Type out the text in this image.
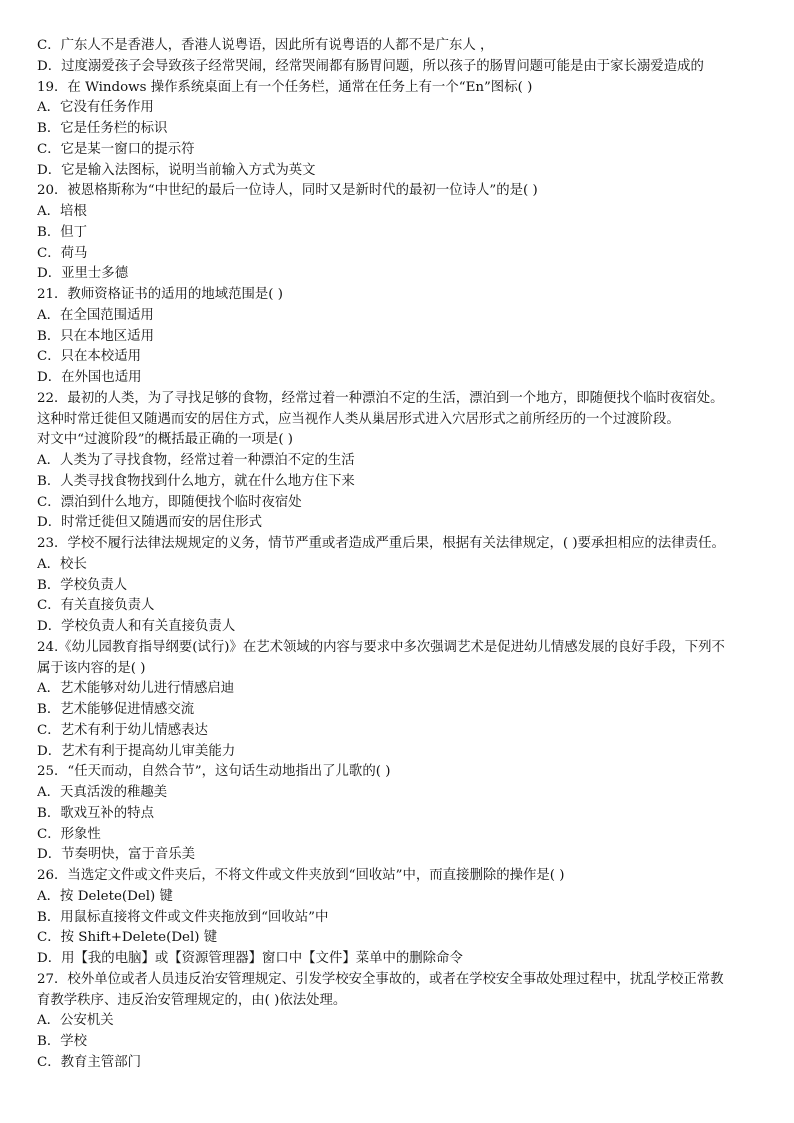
C．广东人不是香港人，香港人说粤语，因此所有说粤语的人都不是广东人 ，

D．过度溺爱孩子会导致孩子经常哭闹，经常哭闹都有肠胃问题，所以孩子的肠胃问题可能是由于家长溺爱造成的

19．在 Windows 操作系统桌面上有一个任务栏，通常在任务上有一个“En”图标( )

A．它没有任务作用

B．它是任务栏的标识

C．它是某一窗口的提示符

D．它是输入法图标，说明当前输入方式为英文

20．被恩格斯称为“中世纪的最后一位诗人，同时又是新时代的最初一位诗人”的是( )

A．培根

B．但丁

C．荷马

D．亚里士多德

21．教师资格证书的适用的地域范围是( )

A．在全国范围适用

B．只在本地区适用

C．只在本校适用

D．在外国也适用

22．最初的人类，为了寻找足够的食物，经常过着一种漂泊不定的生活，漂泊到一个地方，即随便找个临时夜宿处。

这种时常迁徙但又随遇而安的居住方式，应当视作人类从巢居形式进入穴居形式之前所经历的一个过渡阶段。

对文中“过渡阶段”的概括最正确的一项是( )

A．人类为了寻找食物，经常过着一种漂泊不定的生活

B．人类寻找食物找到什么地方，就在什么地方住下来

C．漂泊到什么地方，即随便找个临时夜宿处

D．时常迁徙但又随遇而安的居住形式

23．学校不履行法律法规规定的义务，情节严重或者造成严重后果，根据有关法律规定，( )要承担相应的法律责任。

A．校长

B．学校负责人

C．有关直接负责人

D．学校负责人和有关直接负责人

24.《幼儿园教育指导纲要(试行)》在艺术领域的内容与要求中多次强调艺术是促进幼儿情感发展的良好手段，下列不

属于该内容的是( )

A．艺术能够对幼儿进行情感启迪

B．艺术能够促进情感交流

C．艺术有利于幼儿情感表达

D．艺术有利于提高幼儿审美能力

25．“任天而动，自然合节”，这句话生动地指出了儿歌的( )

A．天真活泼的稚趣美

B．歌戏互补的特点

C．形象性

D．节奏明快，富于音乐美

26．当选定文件或文件夹后，不将文件或文件夹放到“回收站”中，而直接删除的操作是( )

A．按 Delete(Del) 键

B．用鼠标直接将文件或文件夹拖放到“回收站”中

C．按 Shift+Delete(Del) 键

D．用【我的电脑】或【资源管理器】窗口中【文件】菜单中的删除命令

27．校外单位或者人员违反治安管理规定、引发学校安全事故的，或者在学校安全事故处理过程中，扰乱学校正常教

育教学秩序、违反治安管理规定的，由( )依法处理。

A．公安机关

B．学校

C．教育主管部门
